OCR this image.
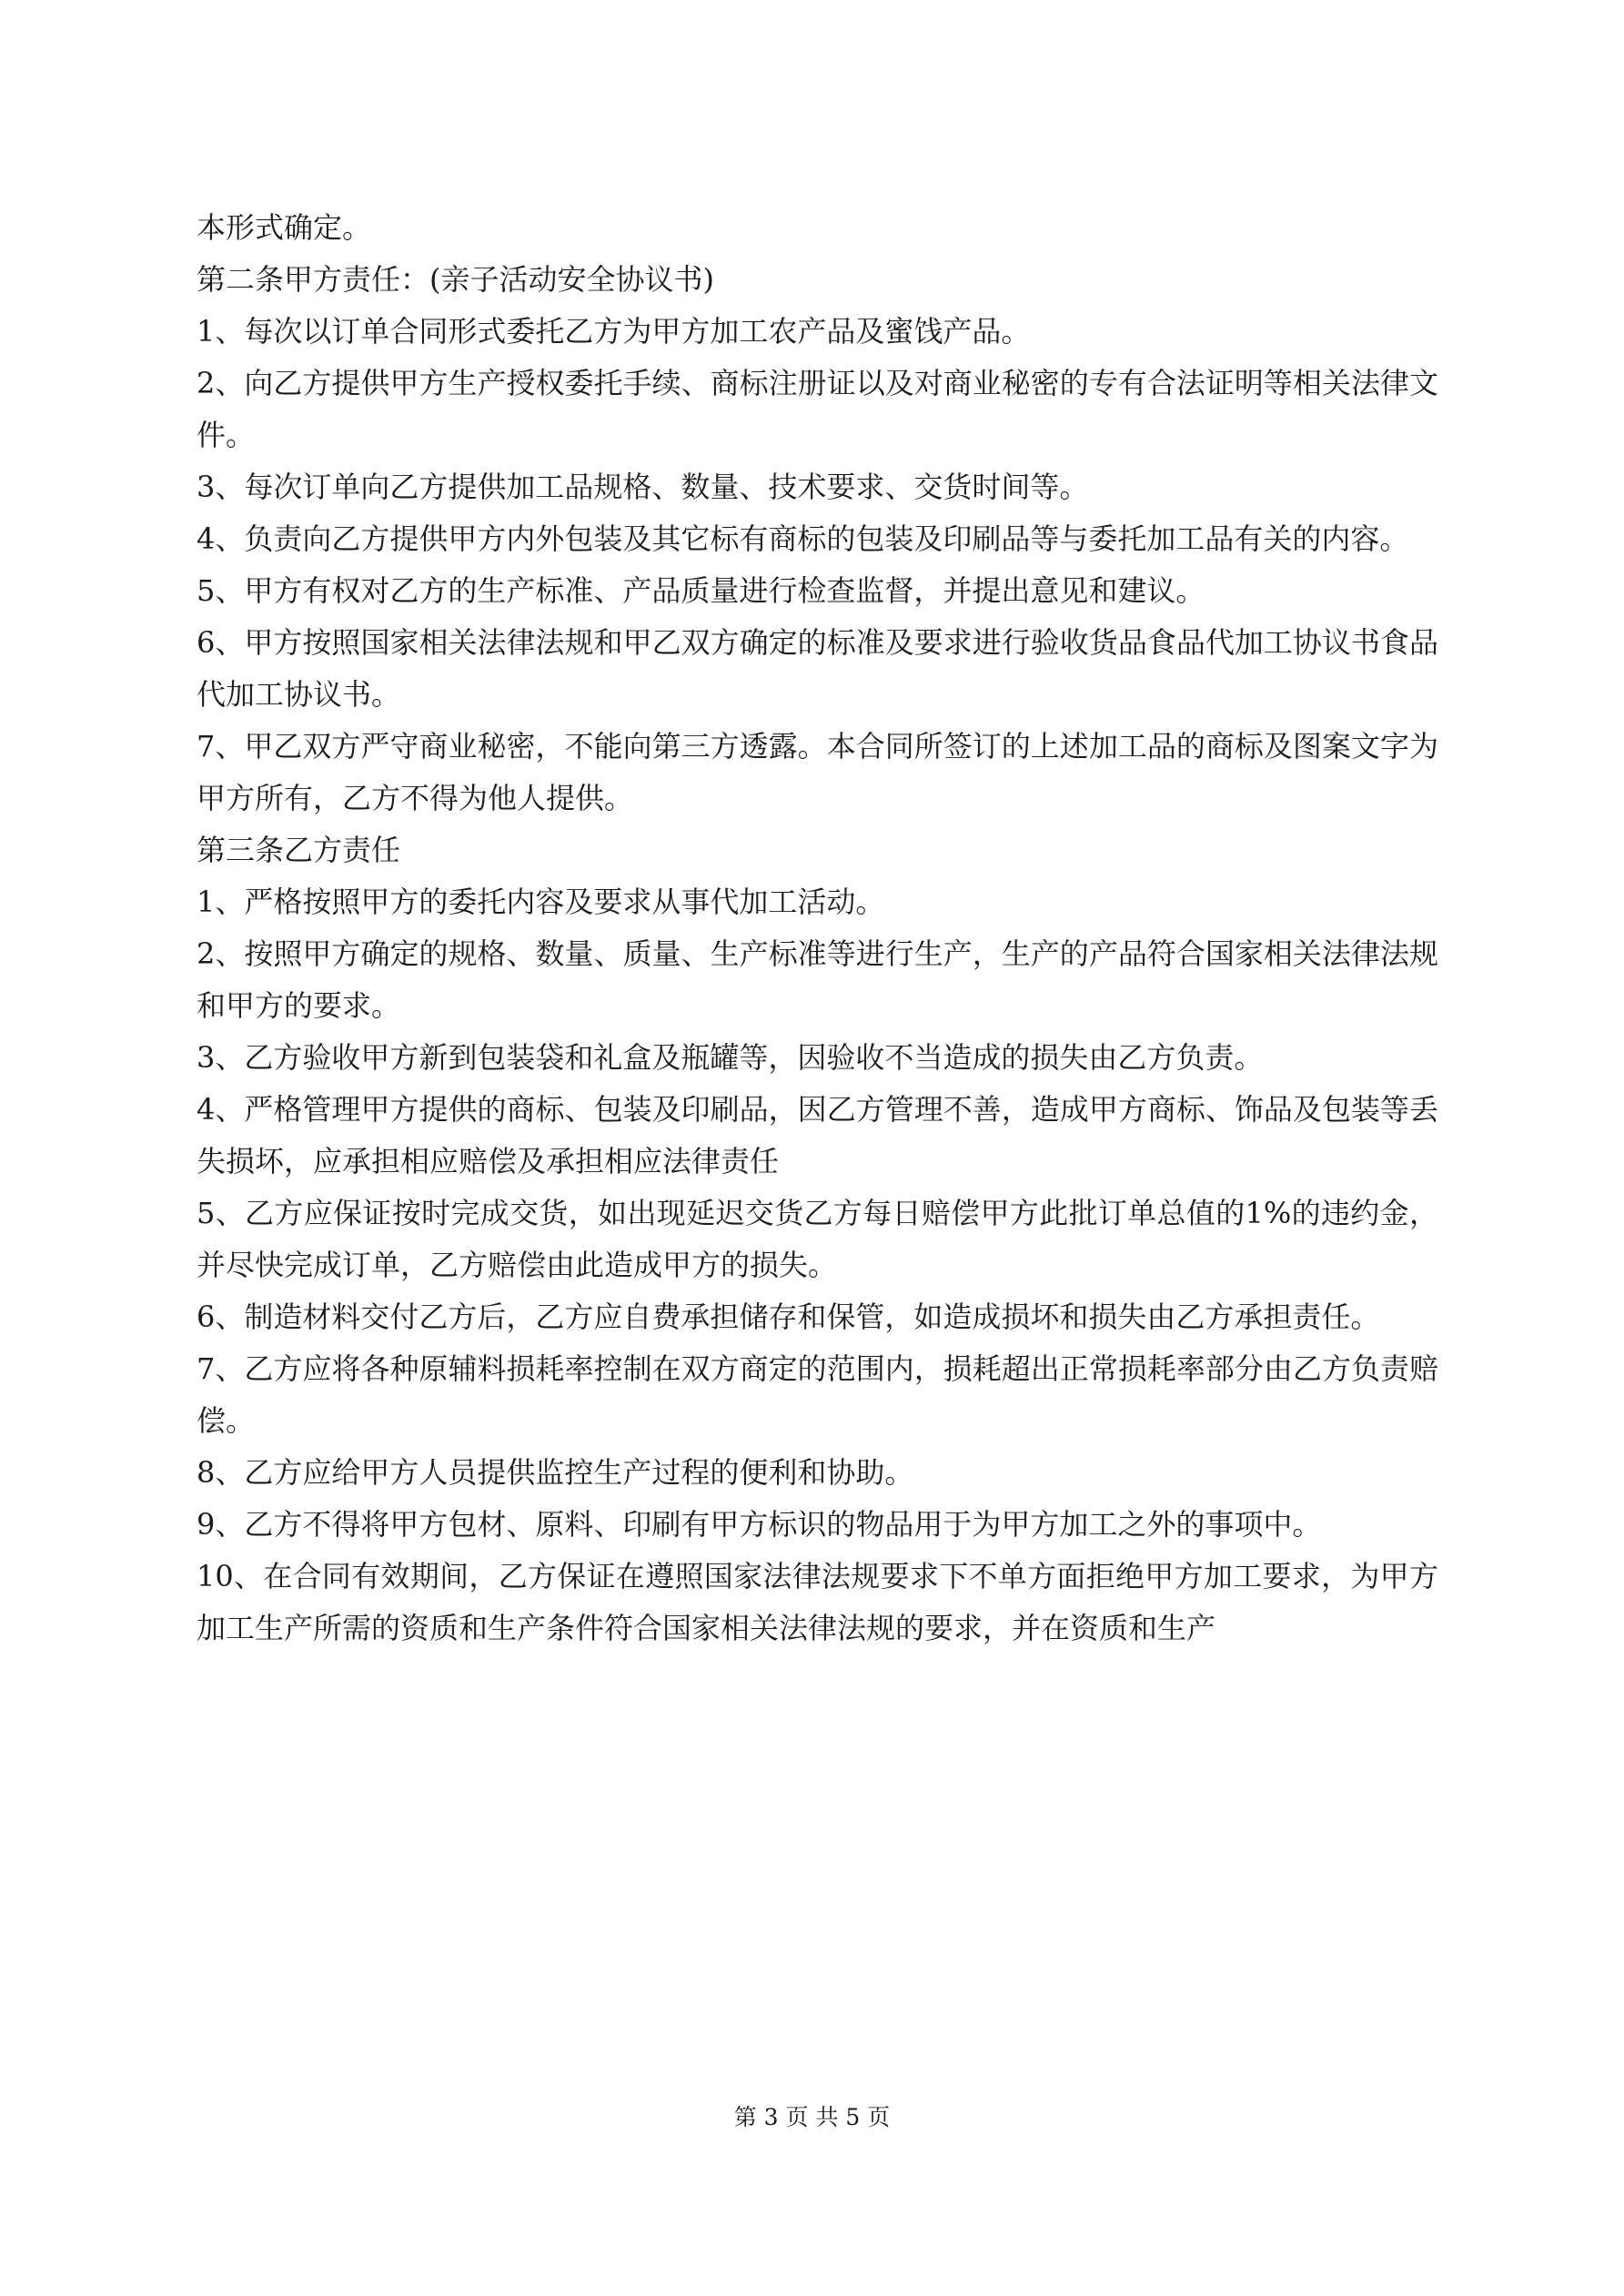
本形式确定。

第二条甲方责任：(亲子活动安全协议书)

1、每次以订单合同形式委托乙方为甲方加工农产品及蜜饯产品。

2、向乙方提供甲方生产授权委托手续、商标注册证以及对商业秘密的专有合法证明等相关法律文件。

3、每次订单向乙方提供加工品规格、数量、技术要求、交货时间等。

4、负责向乙方提供甲方内外包装及其它标有商标的包装及印刷品等与委托加工品有关的内容。

5、甲方有权对乙方的生产标准、产品质量进行检查监督，并提出意见和建议。

6、甲方按照国家相关法律法规和甲乙双方确定的标准及要求进行验收货品食品代加工协议书食品代加工协议书。

7、甲乙双方严守商业秘密，不能向第三方透露。本合同所签订的上述加工品的商标及图案文字为甲方所有，乙方不得为他人提供。

第三条乙方责任

1、严格按照甲方的委托内容及要求从事代加工活动。

2、按照甲方确定的规格、数量、质量、生产标准等进行生产，生产的产品符合国家相关法律法规和甲方的要求。

3、乙方验收甲方新到包装袋和礼盒及瓶罐等，因验收不当造成的损失由乙方负责。

4、严格管理甲方提供的商标、包装及印刷品，因乙方管理不善，造成甲方商标、饰品及包装等丢失损坏，应承担相应赔偿及承担相应法律责任

5、乙方应保证按时完成交货，如出现延迟交货乙方每日赔偿甲方此批订单总值的1%的违约金，并尽快完成订单，乙方赔偿由此造成甲方的损失。

6、制造材料交付乙方后，乙方应自费承担储存和保管，如造成损坏和损失由乙方承担责任。

7、乙方应将各种原辅料损耗率控制在双方商定的范围内，损耗超出正常损耗率部分由乙方负责赔偿。

8、乙方应给甲方人员提供监控生产过程的便利和协助。

9、乙方不得将甲方包材、原料、印刷有甲方标识的物品用于为甲方加工之外的事项中。

10、在合同有效期间，乙方保证在遵照国家法律法规要求下不单方面拒绝甲方加工要求，为甲方加工生产所需的资质和生产条件符合国家相关法律法规的要求，并在资质和生产

第 3 页 共 5 页
